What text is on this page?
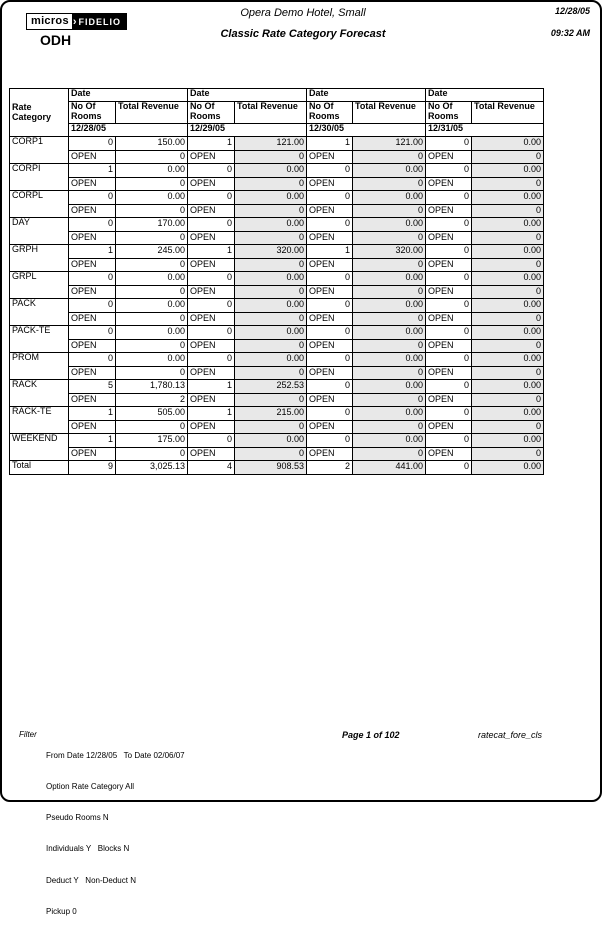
micros › FIDELIO
ODH
Opera Demo Hotel, Small
Classic Rate Category Forecast
12/28/05
09:32 AM
Rate Category	Date		Date		Date		Date	
	No Of Rooms	Total Revenue	No Of Rooms	Total Revenue	No Of Rooms	Total Revenue	No Of Rooms	Total Revenue
	12/28/05		12/29/05		12/30/05		12/31/05	
CORP1	0	150.00	1	121.00	1	121.00	0	0.00
	OPEN	0	OPEN	0	OPEN	0	OPEN	0
CORPI	1	0.00	0	0.00	0	0.00	0	0.00
	OPEN	0	OPEN	0	OPEN	0	OPEN	0
CORPL	0	0.00	0	0.00	0	0.00	0	0.00
	OPEN	0	OPEN	0	OPEN	0	OPEN	0
DAY	0	170.00	0	0.00	0	0.00	0	0.00
	OPEN	0	OPEN	0	OPEN	0	OPEN	0
GRPH	1	245.00	1	320.00	1	320.00	0	0.00
	OPEN	0	OPEN	0	OPEN	0	OPEN	0
GRPL	0	0.00	0	0.00	0	0.00	0	0.00
	OPEN	0	OPEN	0	OPEN	0	OPEN	0
PACK	0	0.00	0	0.00	0	0.00	0	0.00
	OPEN	0	OPEN	0	OPEN	0	OPEN	0
PACK-TE	0	0.00	0	0.00	0	0.00	0	0.00
	OPEN	0	OPEN	0	OPEN	0	OPEN	0
PROM	0	0.00	0	0.00	0	0.00	0	0.00
	OPEN	0	OPEN	0	OPEN	0	OPEN	0
RACK	5	1,780.13	1	252.53	0	0.00	0	0.00
	OPEN	2	OPEN	0	OPEN	0	OPEN	0
RACK-TE	1	505.00	1	215.00	0	0.00	0	0.00
	OPEN	0	OPEN	0	OPEN	0	OPEN	0
WEEKEND	1	175.00	0	0.00	0	0.00	0	0.00
	OPEN	0	OPEN	0	OPEN	0	OPEN	0
Total	9	3,025.13	4	908.53	2	441.00	0	0.00
Filter

From Date 12/28/05   To Date 02/06/07

Option Rate Category All

Pseudo Rooms N

Individuals Y   Blocks N

Deduct Y   Non-Deduct N

Pickup 0

Page 1 of 102	ratecat_fore_cls
